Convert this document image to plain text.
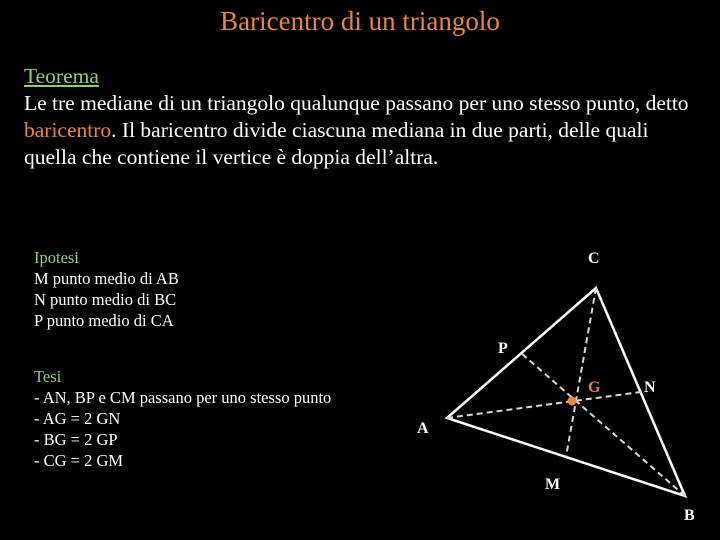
Baricentro di un triangolo
Teorema
Le tre mediane di un triangolo qualunque passano per uno stesso punto, detto baricentro. Il baricentro divide ciascuna mediana in due parti, delle quali quella che contiene il vertice è doppia dell’altra.
Ipotesi
M punto medio di AB
N punto medio di BC
P punto medio di CA
Tesi
- AN, BP e CM passano per uno stesso punto
- AG = 2 GN
- BG = 2 GP
- CG = 2 GM
C
P
G	N
A
M
B
